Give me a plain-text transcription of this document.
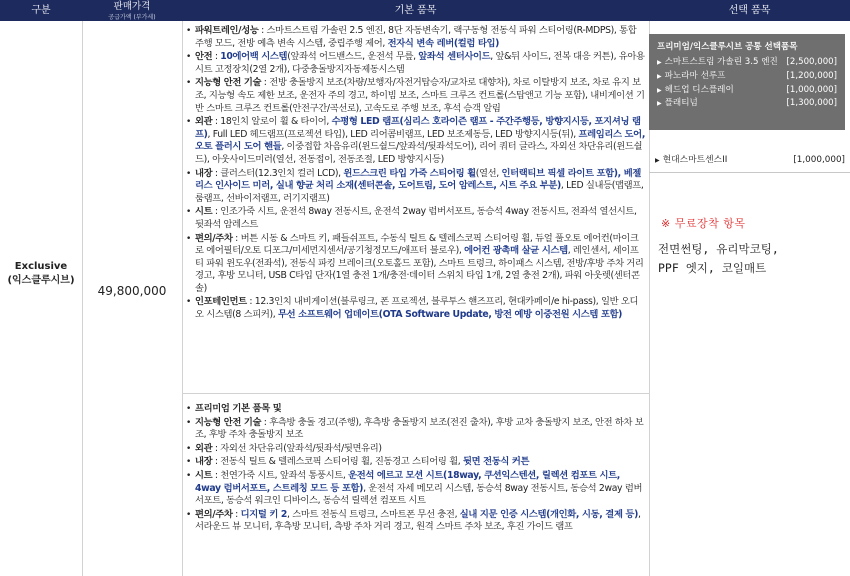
구분	판매가격
공급가액 (부가세)
기본 품목	선택 품목
Exclusive
(익스클루시브)
49,800,000
• 파워트레인/성능 : 스마트스트림 가솔린 2.5 엔진, 8단 자동변속기, 랙구동형 전동식 파워 스티어링(R-MDPS), 통합 주행 모드, 전방 예측 변속 시스템, 중립주행 제어, 전자식 변속 레버(컬럼 타입)
• 안전 : 10에어백 시스템(앞좌석 어드밴스드, 운전석 무릎, 앞좌석 센터사이드, 앞&뒤 사이드, 전복 대응 커튼), 유아용 시트 고정장치(2열 2개), 다중충돌방지자동제동시스템
• 지능형 안전 기술 : 전방 충돌방지 보조(차량/보행자/자전거탑승자/교차로 대향차), 차로 이탈방지 보조, 차로 유지 보조, 지능형 속도 제한 보조, 운전자 주의 경고, 하이빔 보조, 스마트 크루즈 컨트롤(스탑앤고 기능 포함), 내비게이션 기반 스마트 크루즈 컨트롤(안전구간/곡선로), 고속도로 주행 보조, 후석 승객 알림
• 외관 : 18인치 알로이 휠 & 타이어, 수평형 LED 램프(심리스 호라이즌 램프 - 주간주행등, 방향지시등, 포지셔닝 램프), Full LED 헤드램프(프로젝션 타입), LED 리어콤비램프, LED 보조제동등, LED 방향지시등(뒤), 프레임리스 도어, 오토 플러시 도어 핸들, 이중접합 차음유리(윈드쉴드/앞좌석/뒷좌석도어), 리어 쿼터 글라스, 자외선 차단유리(윈드쉴드), 아웃사이드미러(열선, 전동접이, 전동조절, LED 방향지시등)
• 내장 : 클러스터(12.3인치 컬러 LCD), 윈드스크린 타입 가죽 스티어링 휠(열선, 인터랙티브 픽셀 라이트 포함), 베젤리스 인사이드 미러, 실내 향균 처리 소재(센터콘솔, 도어트림, 도어 암레스트, 시트 주요 부분), LED 실내등(맵램프, 룸램프, 선바이저램프, 러기지램프)
• 시트 : 인조가죽 시트, 운전석 8way 전동시트, 운전석 2way 럼버서포트, 동승석 4way 전동시트, 전좌석 열선시트, 뒷좌석 암레스트
• 편의/주차 : 버튼 시동 & 스마트 키, 패들쉬프트, 수동식 틸트 & 텔레스코픽 스티어링 휠, 듀얼 풀오토 에어컨(마이크로 에어필터/오토 디포그/미세먼지센서/공기청정모드/애프터 블로우), 에어컨 광촉매 살균 시스템, 레인센서, 세이프티 파워 윈도우(전좌석), 전동식 파킹 브레이크(오토홀드 포함), 스마트 트렁크, 하이패스 시스템, 전방/후방 주차 거리 경고, 후방 모니터, USB C타입 단자(1열 충전 1개/충전·데이터 스위치 타입 1개, 2열 충전 2개), 파워 아웃렛(센터콘솔)
• 인포테인먼트 : 12.3인치 내비게이션(블루링크, 폰 프로젝션, 블루투스 핸즈프리, 현대카페이/e hi-pass), 일반 오디오 시스템(8 스피커), 무선 소프트웨어 업데이트(OTA Software Update, 방전 예방 이중전원 시스템 포함)
• 프리미엄 기본 품목 및
• 지능형 안전 기술 : 후측방 충돌 경고(주행), 후측방 충돌방지 보조(전진 출차), 후방 교차 충돌방지 보조, 안전 하차 보조, 후방 주차 충돌방지 보조
• 외관 : 자외선 차단유리(앞좌석/뒷좌석/뒷면유리)
• 내장 : 전동식 틸트 & 텔레스코픽 스티어링 휠, 진동경고 스티어링 휠, 뒷면 전동식 커튼
• 시트 : 천연가죽 시트, 앞좌석 통풍시트, 운전석 에르고 모션 시트(18way, 쿠션익스텐션, 릴렉션 컴포트 시트, 4way 럼버서포트, 스트레칭 모드 등 포함), 운전석 자세 메모리 시스템, 동승석 8way 전동시트, 동승석 2way 럼버서포트, 동승석 워크인 디바이스, 동승석 릴렉션 컴포트 시트
• 편의/주차 : 디지털 키 2, 스마트 전동식 트렁크, 스마트폰 무선 충전, 실내 지문 인증 시스템(개인화, 시동, 결제 등), 서라운드 뷰 모니터, 후측방 모니터, 측방 주차 거리 경고, 원격 스마트 주차 보조, 후진 가이드 램프
프리미엄/익스클루시브 공통 선택품목
▶ 스마트스트림 가솔린 3.5 엔진 [2,500,000]
▶ 파노라마 선루프	[1,200,000]
▶ 헤드업 디스플레이	[1,000,000]
▶ 플래티넘	[1,300,000]
▶ 현대스마트센스II	[1,000,000]
※ 무료장착 항목
전면썬팅, 유리막코팅,
PPF 엣지, 코일매트
